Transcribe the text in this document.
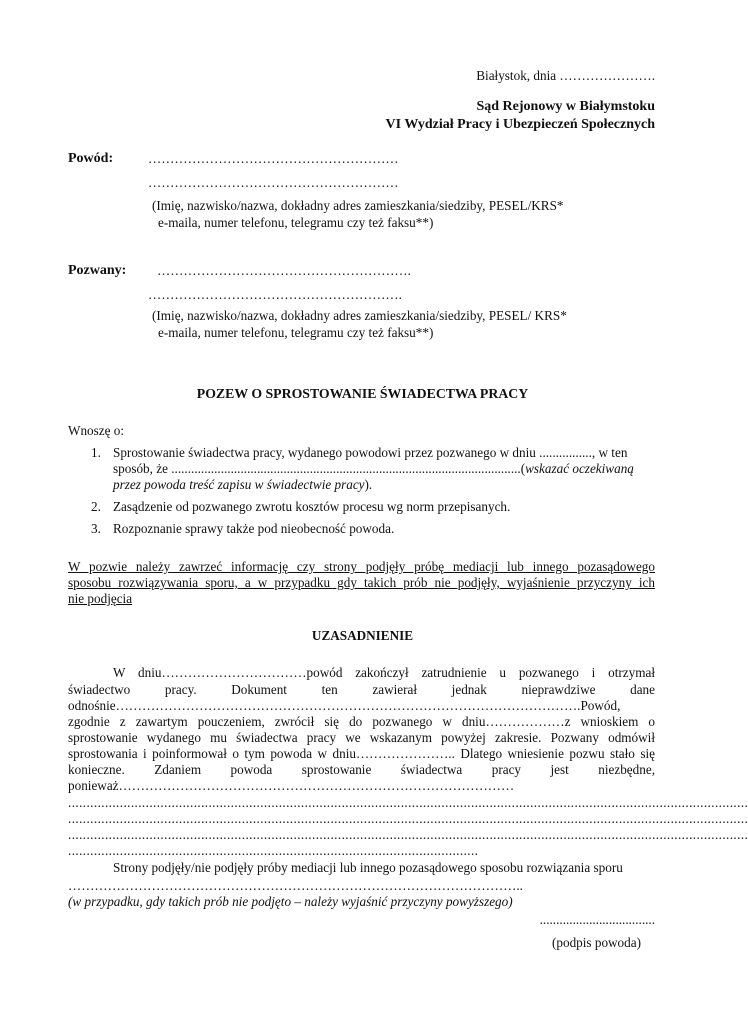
Białystok, dnia ………………….
Sąd Rejonowy w Białymstoku
VI Wydział Pracy i Ubezpieczeń Społecznych
Powód:	…………………………………………………
…………………………………………………
(Imię, nazwisko/nazwa, dokładny adres zamieszkania/siedziby, PESEL/KRS*
e-maila, numer telefonu, telegramu czy też faksu**)
Pozwany: ………………………………………………….
………………………………………………….
(Imię, nazwisko/nazwa, dokładny adres zamieszkania/siedziby, PESEL/ KRS*
e-maila, numer telefonu, telegramu czy też faksu**)
POZEW O SPROSTOWANIE ŚWIADECTWA PRACY
Wnoszę o:
1. Sprostowanie świadectwa pracy, wydanego powodowi przez pozwanego w dniu ................, w ten
sposób, że ..........................................................................................................(wskazać oczekiwaną
przez powoda treść zapisu w świadectwie pracy).
2. Zasądzenie od pozwanego zwrotu kosztów procesu wg norm przepisanych.
3. Rozpoznanie sprawy także pod nieobecność powoda.
W pozwie należy zawrzeć informację czy strony podjęły próbę mediacji lub innego pozasądowego
sposobu rozwiązywania sporu, a w przypadku gdy takich prób nie podjęły, wyjaśnienie przyczyny ich
nie podjęcia
UZASADNIENIE
W dniu……………………………powód zakończył zatrudnienie u pozwanego i otrzymał
świadectwo pracy. Dokument ten zawierał jednak nieprawdziwe dane
odnośnie…………………………………………………………………………………………….Powód,
zgodnie z zawartym pouczeniem, zwrócił się do pozwanego w dniu………………z wnioskiem o
sprostowanie wydanego mu świadectwa pracy we wskazanym powyżej zakresie. Pozwany odmówił
sprostowania i poinformował o tym powoda w dniu………………….. Dlatego wniesienie pozwu stało się
konieczne. Zdaniem powoda sprostowanie świadectwa pracy jest niezbędne,
ponieważ………………………………………………………………………………
........................................................................................................................................................................................
........................................................................................................................................................................................
........................................................................................................................................................................................
...............................................................................................................
Strony podjęły/nie podjęły próby mediacji lub innego pozasądowego sposobu rozwiązania sporu
…………………………………………………………………………………………..
(w przypadku, gdy takich prób nie podjęto – należy wyjaśnić przyczyny powyższego)
...................................
(podpis powoda)
